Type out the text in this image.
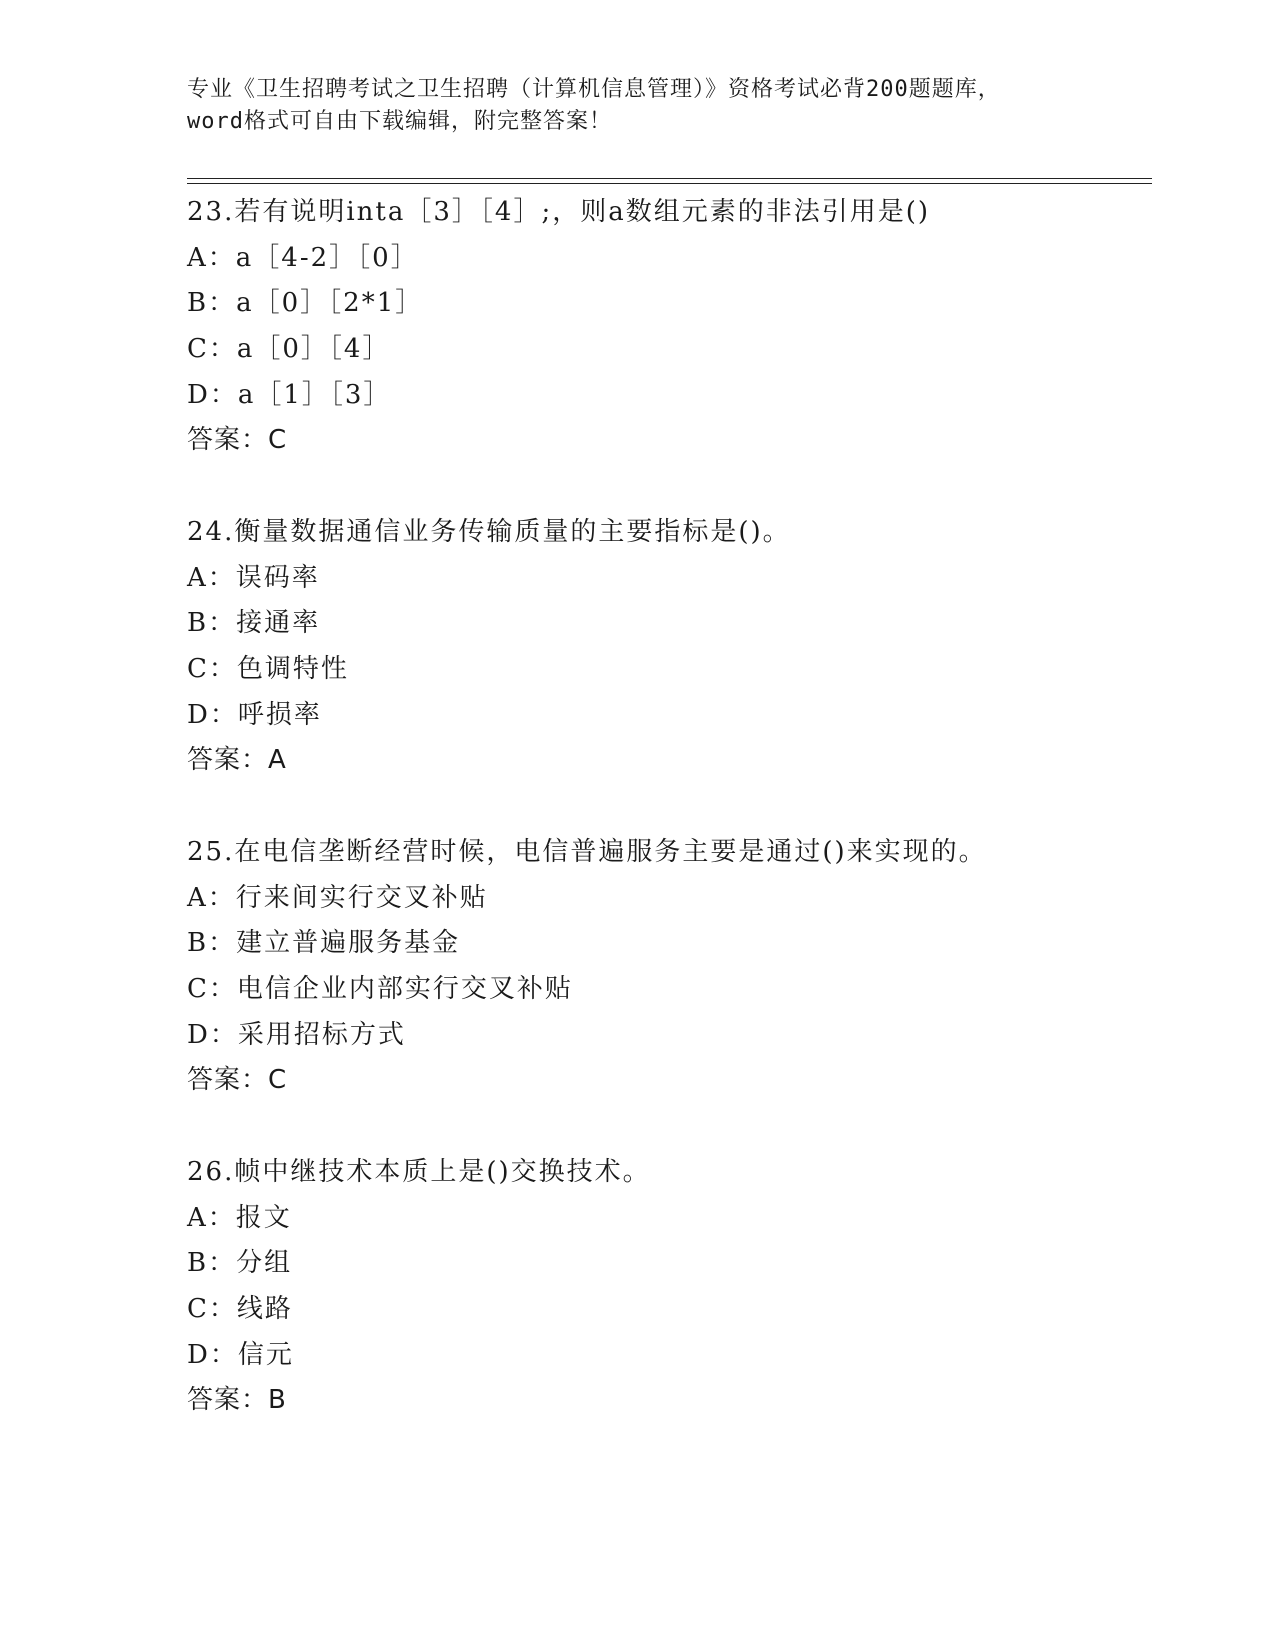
专业《卫生招聘考试之卫生招聘（计算机信息管理）》资格考试必背200题题库，
word格式可自由下载编辑，附完整答案！
23.若有说明inta［3］［4］;，则a数组元素的非法引用是()
A：a［4-2］［0］
B：a［0］［2*1］
C：a［0］［4］
D：a［1］［3］
答案：C
24.衡量数据通信业务传输质量的主要指标是()。
A：误码率
B：接通率
C：色调特性
D：呼损率
答案：A
25.在电信垄断经营时候，电信普遍服务主要是通过()来实现的。
A：行来间实行交叉补贴
B：建立普遍服务基金
C：电信企业内部实行交叉补贴
D：采用招标方式
答案：C
26.帧中继技术本质上是()交换技术。
A：报文
B：分组
C：线路
D：信元
答案：B
